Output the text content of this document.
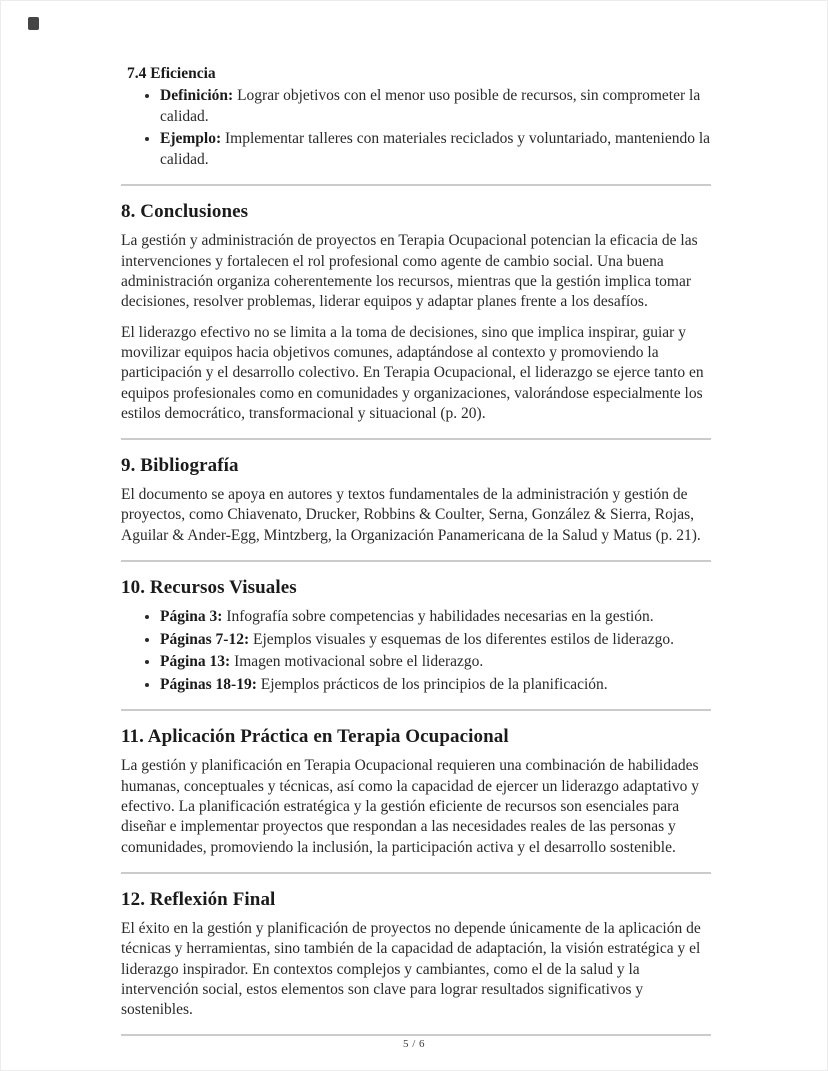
7.4 Eficiencia
• Definición: Lograr objetivos con el menor uso posible de recursos, sin comprometer la calidad.
• Ejemplo: Implementar talleres con materiales reciclados y voluntariado, manteniendo la calidad.
8. Conclusiones

La gestión y administración de proyectos en Terapia Ocupacional potencian la eficacia de las intervenciones y fortalecen el rol profesional como agente de cambio social. Una buena administración organiza coherentemente los recursos, mientras que la gestión implica tomar decisiones, resolver problemas, liderar equipos y adaptar planes frente a los desafíos.

El liderazgo efectivo no se limita a la toma de decisiones, sino que implica inspirar, guiar y movilizar equipos hacia objetivos comunes, adaptándose al contexto y promoviendo la participación y el desarrollo colectivo. En Terapia Ocupacional, el liderazgo se ejerce tanto en equipos profesionales como en comunidades y organizaciones, valorándose especialmente los estilos democrático, transformacional y situacional (p. 20).

9. Bibliografía

El documento se apoya en autores y textos fundamentales de la administración y gestión de proyectos, como Chiavenato, Drucker, Robbins & Coulter, Serna, González & Sierra, Rojas, Aguilar & Ander-Egg, Mintzberg, la Organización Panamericana de la Salud y Matus (p. 21).

10. Recursos Visuales
• Página 3: Infografía sobre competencias y habilidades necesarias en la gestión.
• Páginas 7-12: Ejemplos visuales y esquemas de los diferentes estilos de liderazgo.
• Página 13: Imagen motivacional sobre el liderazgo.
• Páginas 18-19: Ejemplos prácticos de los principios de la planificación.
11. Aplicación Práctica en Terapia Ocupacional

La gestión y planificación en Terapia Ocupacional requieren una combinación de habilidades humanas, conceptuales y técnicas, así como la capacidad de ejercer un liderazgo adaptativo y efectivo. La planificación estratégica y la gestión eficiente de recursos son esenciales para diseñar e implementar proyectos que respondan a las necesidades reales de las personas y comunidades, promoviendo la inclusión, la participación activa y el desarrollo sostenible.

12. Reflexión Final

El éxito en la gestión y planificación de proyectos no depende únicamente de la aplicación de técnicas y herramientas, sino también de la capacidad de adaptación, la visión estratégica y el liderazgo inspirador. En contextos complejos y cambiantes, como el de la salud y la intervención social, estos elementos son clave para lograr resultados significativos y sostenibles.

5 / 6
